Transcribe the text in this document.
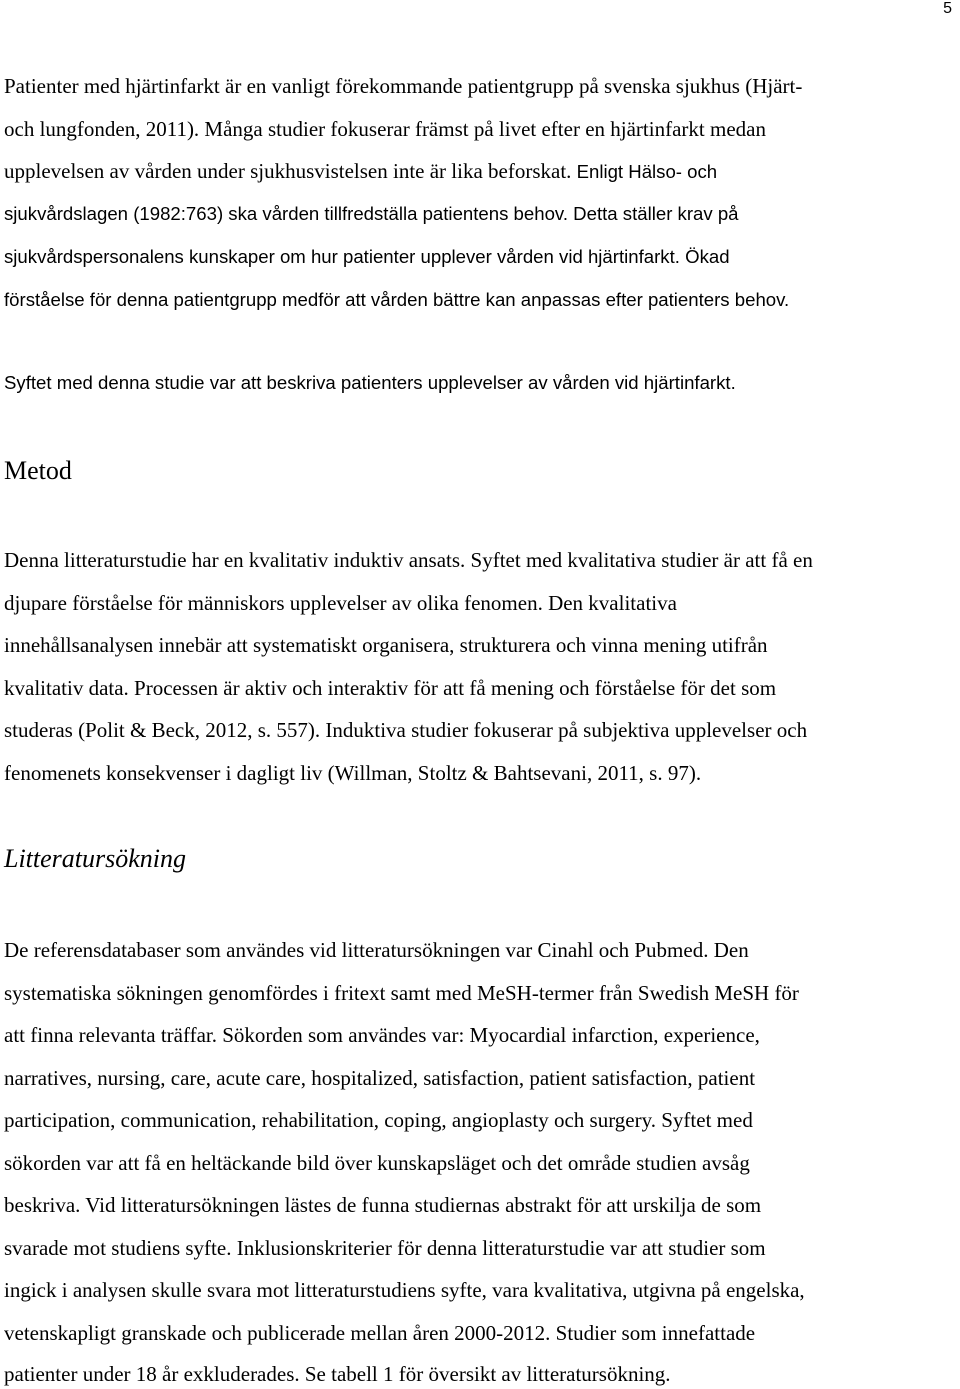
5
Patienter med hjärtinfarkt är en vanligt förekommande patientgrupp på svenska sjukhus (Hjärt-
och lungfonden, 2011). Många studier fokuserar främst på livet efter en hjärtinfarkt medan
upplevelsen av vården under sjukhusvistelsen inte är lika beforskat. Enligt Hälso- och
sjukvårdslagen (1982:763) ska vården tillfredställa patientens behov. Detta ställer krav på
sjukvårdspersonalens kunskaper om hur patienter upplever vården vid hjärtinfarkt. Ökad
förståelse för denna patientgrupp medför att vården bättre kan anpassas efter patienters behov.
Syftet med denna studie var att beskriva patienters upplevelser av vården vid hjärtinfarkt.
Metod
Denna litteraturstudie har en kvalitativ induktiv ansats. Syftet med kvalitativa studier är att få en
djupare förståelse för människors upplevelser av olika fenomen. Den kvalitativa
innehållsanalysen innebär att systematiskt organisera, strukturera och vinna mening utifrån
kvalitativ data. Processen är aktiv och interaktiv för att få mening och förståelse för det som
studeras (Polit & Beck, 2012, s. 557). Induktiva studier fokuserar på subjektiva upplevelser och
fenomenets konsekvenser i dagligt liv (Willman, Stoltz & Bahtsevani, 2011, s. 97).
Litteratursökning
De referensdatabaser som användes vid litteratursökningen var Cinahl och Pubmed. Den
systematiska sökningen genomfördes i fritext samt med MeSH-termer från Swedish MeSH för
att finna relevanta träffar. Sökorden som användes var: Myocardial infarction, experience,
narratives, nursing, care, acute care, hospitalized, satisfaction, patient satisfaction, patient
participation, communication, rehabilitation, coping, angioplasty och surgery. Syftet med
sökorden var att få en heltäckande bild över kunskapsläget och det område studien avsåg
beskriva. Vid litteratursökningen lästes de funna studiernas abstrakt för att urskilja de som
svarade mot studiens syfte. Inklusionskriterier för denna litteraturstudie var att studier som
ingick i analysen skulle svara mot litteraturstudiens syfte, vara kvalitativa, utgivna på engelska,
vetenskapligt granskade och publicerade mellan åren 2000-2012. Studier som innefattade
patienter under 18 år exkluderades. Se tabell 1 för översikt av litteratursökning.
